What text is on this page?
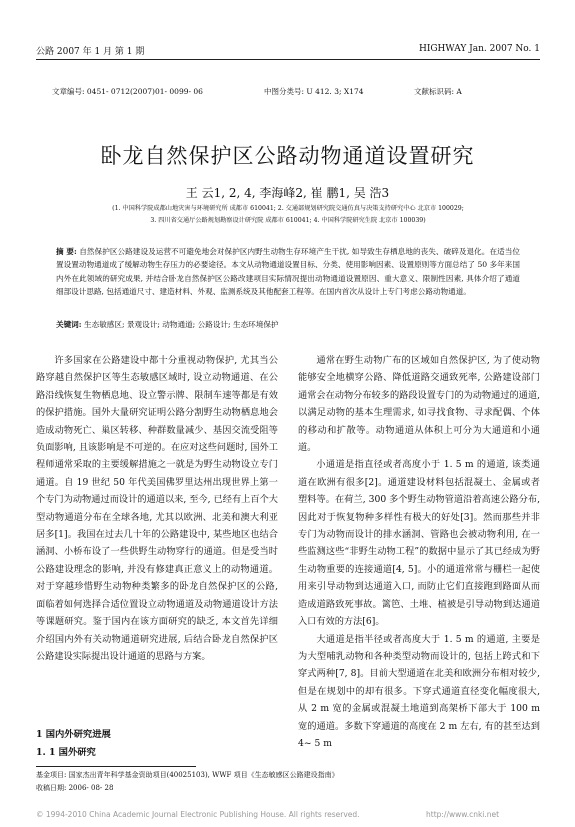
公路 2007 年 1 月 第 1 期	HIGHWAY Jan. 2007 No. 1
文章编号: 0451- 0712(2007)01- 0099- 06	中图分类号: U 412. 3; X174	文献标识码: A
卧龙自然保护区公路动物通道设置研究
王 云1, 2, 4, 李海峰2, 崔 鹏1, 吴 浩3
(1. 中国科学院成都山地灾害与环境研究所 成都市 610041; 2. 交通部规划研究院交通仿真与决策支持研究中心 北京市 100029;
3. 四川省交通厅公路规划勘察设计研究院 成都市 610041; 4. 中国科学院研究生院 北京市 100039)
摘 要: 自然保护区公路建设及运营不可避免地会对保护区内野生动物生存环境产生干扰, 如导致生存栖息地的丧失、破碎及退化。在适当位置设置动物通道成了缓解动物生存压力的必要途径。本文从动物通道设置目标、分类、使用影响因素、设置原则等方面总结了 50 多年来国内外在此领域的研究成果, 并结合卧龙自然保护区公路改建项目实际情况提出动物通道设置原因、重大意义、限制性因素, 具体介绍了通道细部设计思路, 包括通道尺寸、建造材料、外观、监测系统及其他配套工程等。在国内首次从设计上专门考虑公路动物通道。
关键词: 生态敏感区; 景观设计; 动物通道; 公路设计; 生态环境保护

许多国家在公路建设中都十分重视动物保护, 尤其当公路穿越自然保护区等生态敏感区域时, 设立动物通道、在公路沿线恢复生物栖息地、设立警示牌、限制车速等都是有效的保护措施。国外大量研究证明公路分割野生动物栖息地会造成动物死亡、巢区转移、种群数量减少、基因交流受阻等负面影响, 且该影响是不可逆的。在应对这些问题时, 国外工程师通常采取的主要缓解措施之一就是为野生动物设立专门通道。自 19 世纪 50 年代美国佛罗里达州出现世界上第一个专门为动物通过而设计的通道以来, 至今, 已经有上百个大型动物通道分布在全球各地, 尤其以欧洲、北美和澳大利亚居多[1]。我国在过去几十年的公路建设中, 某些地区也结合涵洞、小桥布设了一些供野生动物穿行的通道。但是受当时公路建设理念的影响, 并没有修建真正意义上的动物通道。对于穿越珍惜野生动物种类繁多的卧龙自然保护区的公路, 面临着如何选择合适位置设立动物通道及动物通道设计方法等课题研究。鉴于国内在该方面研究的缺乏, 本文首先详细介绍国内外有关动物通道研究进展, 后结合卧龙自然保护区公路建设实际提出设计通道的思路与方案。

1 国内外研究进展
1. 1 国外研究

通常在野生动物广布的区域如自然保护区, 为了使动物能够安全地横穿公路、降低道路交通致死率, 公路建设部门通常会在动物分布较多的路段设置专门的为动物通过的通道, 以满足动物的基本生理需求, 如寻找食物、寻求配偶、个体的移动和扩散等。动物通道从体积上可分为大通道和小通道。

小通道是指直径或者高度小于 1. 5 m 的通道, 该类通道在欧洲有很多[2]。通道建设材料包括混凝土、金属或者塑料等。在荷兰, 300 多个野生动物管道沿着高速公路分布, 因此对于恢复物种多样性有极大的好处[3]。然而那些并非专门为动物而设计的排水涵洞、管路也会被动物利用, 在一些监测这些“非野生动物工程”的数据中显示了其已经成为野生动物重要的连接通道[4, 5]。小的通道常常与栅栏一起使用来引导动物到达通道入口, 而防止它们直接跑到路面从而造成道路致死事故。篱笆、土堆、植被是引导动物到达通道入口有效的方法[6]。

大通道是指半径或者高度大于 1. 5 m 的通道, 主要是为大型哺乳动物和各种类型动物而设计的, 包括上跨式和下穿式两种[7, 8]。目前大型通道在北美和欧洲分布相对较少, 但是在规划中的却有很多。下穿式通道直径变化幅度很大, 从 2 m 宽的金属或混凝土地道到高架桥下部大于 100 m 宽的通道。多数下穿通道的高度在 2 m 左右, 有的甚至达到 4~ 5 m

基金项目: 国家杰出青年科学基金资助项目(40025103), WWF 项目《生态敏感区公路建设指南》
收稿日期: 2006- 08- 28
© 1994-2010 China Academic Journal Electronic Publishing House. All rights reserved.	http://www.cnki.net
